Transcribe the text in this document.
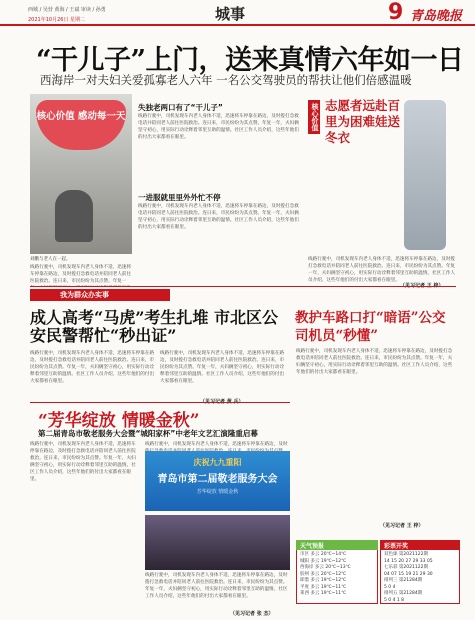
西城 / 吴营 黄海 / 王斌 审读 / 孙勇
2021年10月26日 星期二	城事	9 青岛晚报
“干儿子”上门，送来真情六年如一日
西海岸一对夫妇关爱孤寡老人六年 一名公交驾驶员的帮扶让他们倍感温暖
核心价值 感动每一天
刘鹏与老人在一起。
线路行驶中，司机发现车内老人身体不适，迅速将车停靠在路边，及时拨打急救电话并陪同老人前往医院救治。连日来，市民纷纷为其点赞。年复一年，夫妇俩坚守初心，用实际行动诠释着邻里互助的温情。社区工作人员介绍，这些年他们的付出大家都看在眼里。
失独老两口有了“干儿子”
线路行驶中，司机发现车内老人身体不适，迅速将车停靠在路边，及时拨打急救电话并陪同老人前往医院救治。连日来，市民纷纷为其点赞。年复一年，夫妇俩坚守初心，用实际行动诠释着邻里互助的温情。社区工作人员介绍，这些年他们的付出大家都看在眼里。
一进服就里里外外忙不停
线路行驶中，司机发现车内老人身体不适，迅速将车停靠在路边，及时拨打急救电话并陪同老人前往医院救治。连日来，市民纷纷为其点赞。年复一年，夫妇俩坚守初心，用实际行动诠释着邻里互助的温情。社区工作人员介绍，这些年他们的付出大家都看在眼里。
核心价值 志愿者远赴百里为困难娃送冬衣
线路行驶中，司机发现车内老人身体不适，迅速将车停靠在路边，及时拨打急救电话并陪同老人前往医院救治。连日来，市民纷纷为其点赞。年复一年，夫妇俩坚守初心，用实际行动诠释着邻里互助的温情。社区工作人员介绍，这些年他们的付出大家都看在眼里。
我为群众办实事
成人高考“马虎”考生扎堆 市北区公安民警帮忙“秒出证”
线路行驶中，司机发现车内老人身体不适，迅速将车停靠在路边，及时拨打急救电话并陪同老人前往医院救治。连日来，市民纷纷为其点赞。年复一年，夫妇俩坚守初心，用实际行动诠释着邻里互助的温情。社区工作人员介绍，这些年他们的付出大家都看在眼里。
线路行驶中，司机发现车内老人身体不适，迅速将车停靠在路边，及时拨打急救电话并陪同老人前往医院救治。连日来，市民纷纷为其点赞。年复一年，夫妇俩坚守初心，用实际行动诠释着邻里互助的温情。社区工作人员介绍，这些年他们的付出大家都看在眼里。
教护车路口打“暗语”公交司机员“秒懂”
线路行驶中，司机发现车内老人身体不适，迅速将车停靠在路边，及时拨打急救电话并陪同老人前往医院救治。连日来，市民纷纷为其点赞。年复一年，夫妇俩坚守初心，用实际行动诠释着邻里互助的温情。社区工作人员介绍，这些年他们的付出大家都看在眼里。
（见习记者 王 梓）
“芳华绽放 情暖金秋”
第二届青岛市敬老服务大会暨“城阳家杯”中老年文艺汇演隆重启幕
线路行驶中，司机发现车内老人身体不适，迅速将车停靠在路边，及时拨打急救电话并陪同老人前往医院救治。连日来，市民纷纷为其点赞。年复一年，夫妇俩坚守初心，用实际行动诠释着邻里互助的温情。社区工作人员介绍，这些年他们的付出大家都看在眼里。
线路行驶中，司机发现车内老人身体不适，迅速将车停靠在路边，及时拨打急救电话并陪同老人前往医院救治。连日来，市民纷纷为其点赞。年复一年，夫妇俩坚守初心，用实际行动诠释着邻里互助的温情。社区工作人员介绍，这些年他们的付出大家都看在眼里。
庆祝九九重阳
青岛市第二届敬老服务大会
芳华绽放 情暖金秋
线路行驶中，司机发现车内老人身体不适，迅速将车停靠在路边，及时拨打急救电话并陪同老人前往医院救治。连日来，市民纷纷为其点赞。年复一年，夫妇俩坚守初心，用实际行动诠释着邻里互助的温情。社区工作人员介绍，这些年他们的付出大家都看在眼里。
（见习记者 张 杰）
天气预报
市区 多云 20℃~14℃
城阳 多云 19℃~12℃
西海岸 多云 20℃~13℃
胶州 多云 20℃~12℃
即墨 多云 19℃~12℃
平度 多云 19℃~11℃
莱西 多云 19℃~11℃
彩票开奖
双色球 第2021122期
14 15 20 27 29 33 05
七乐彩 第2021122期
04 07 15 19 21 29 30
排列三 第21284期
5 0 4
排列五 第21284期
5 0 4 1 8
